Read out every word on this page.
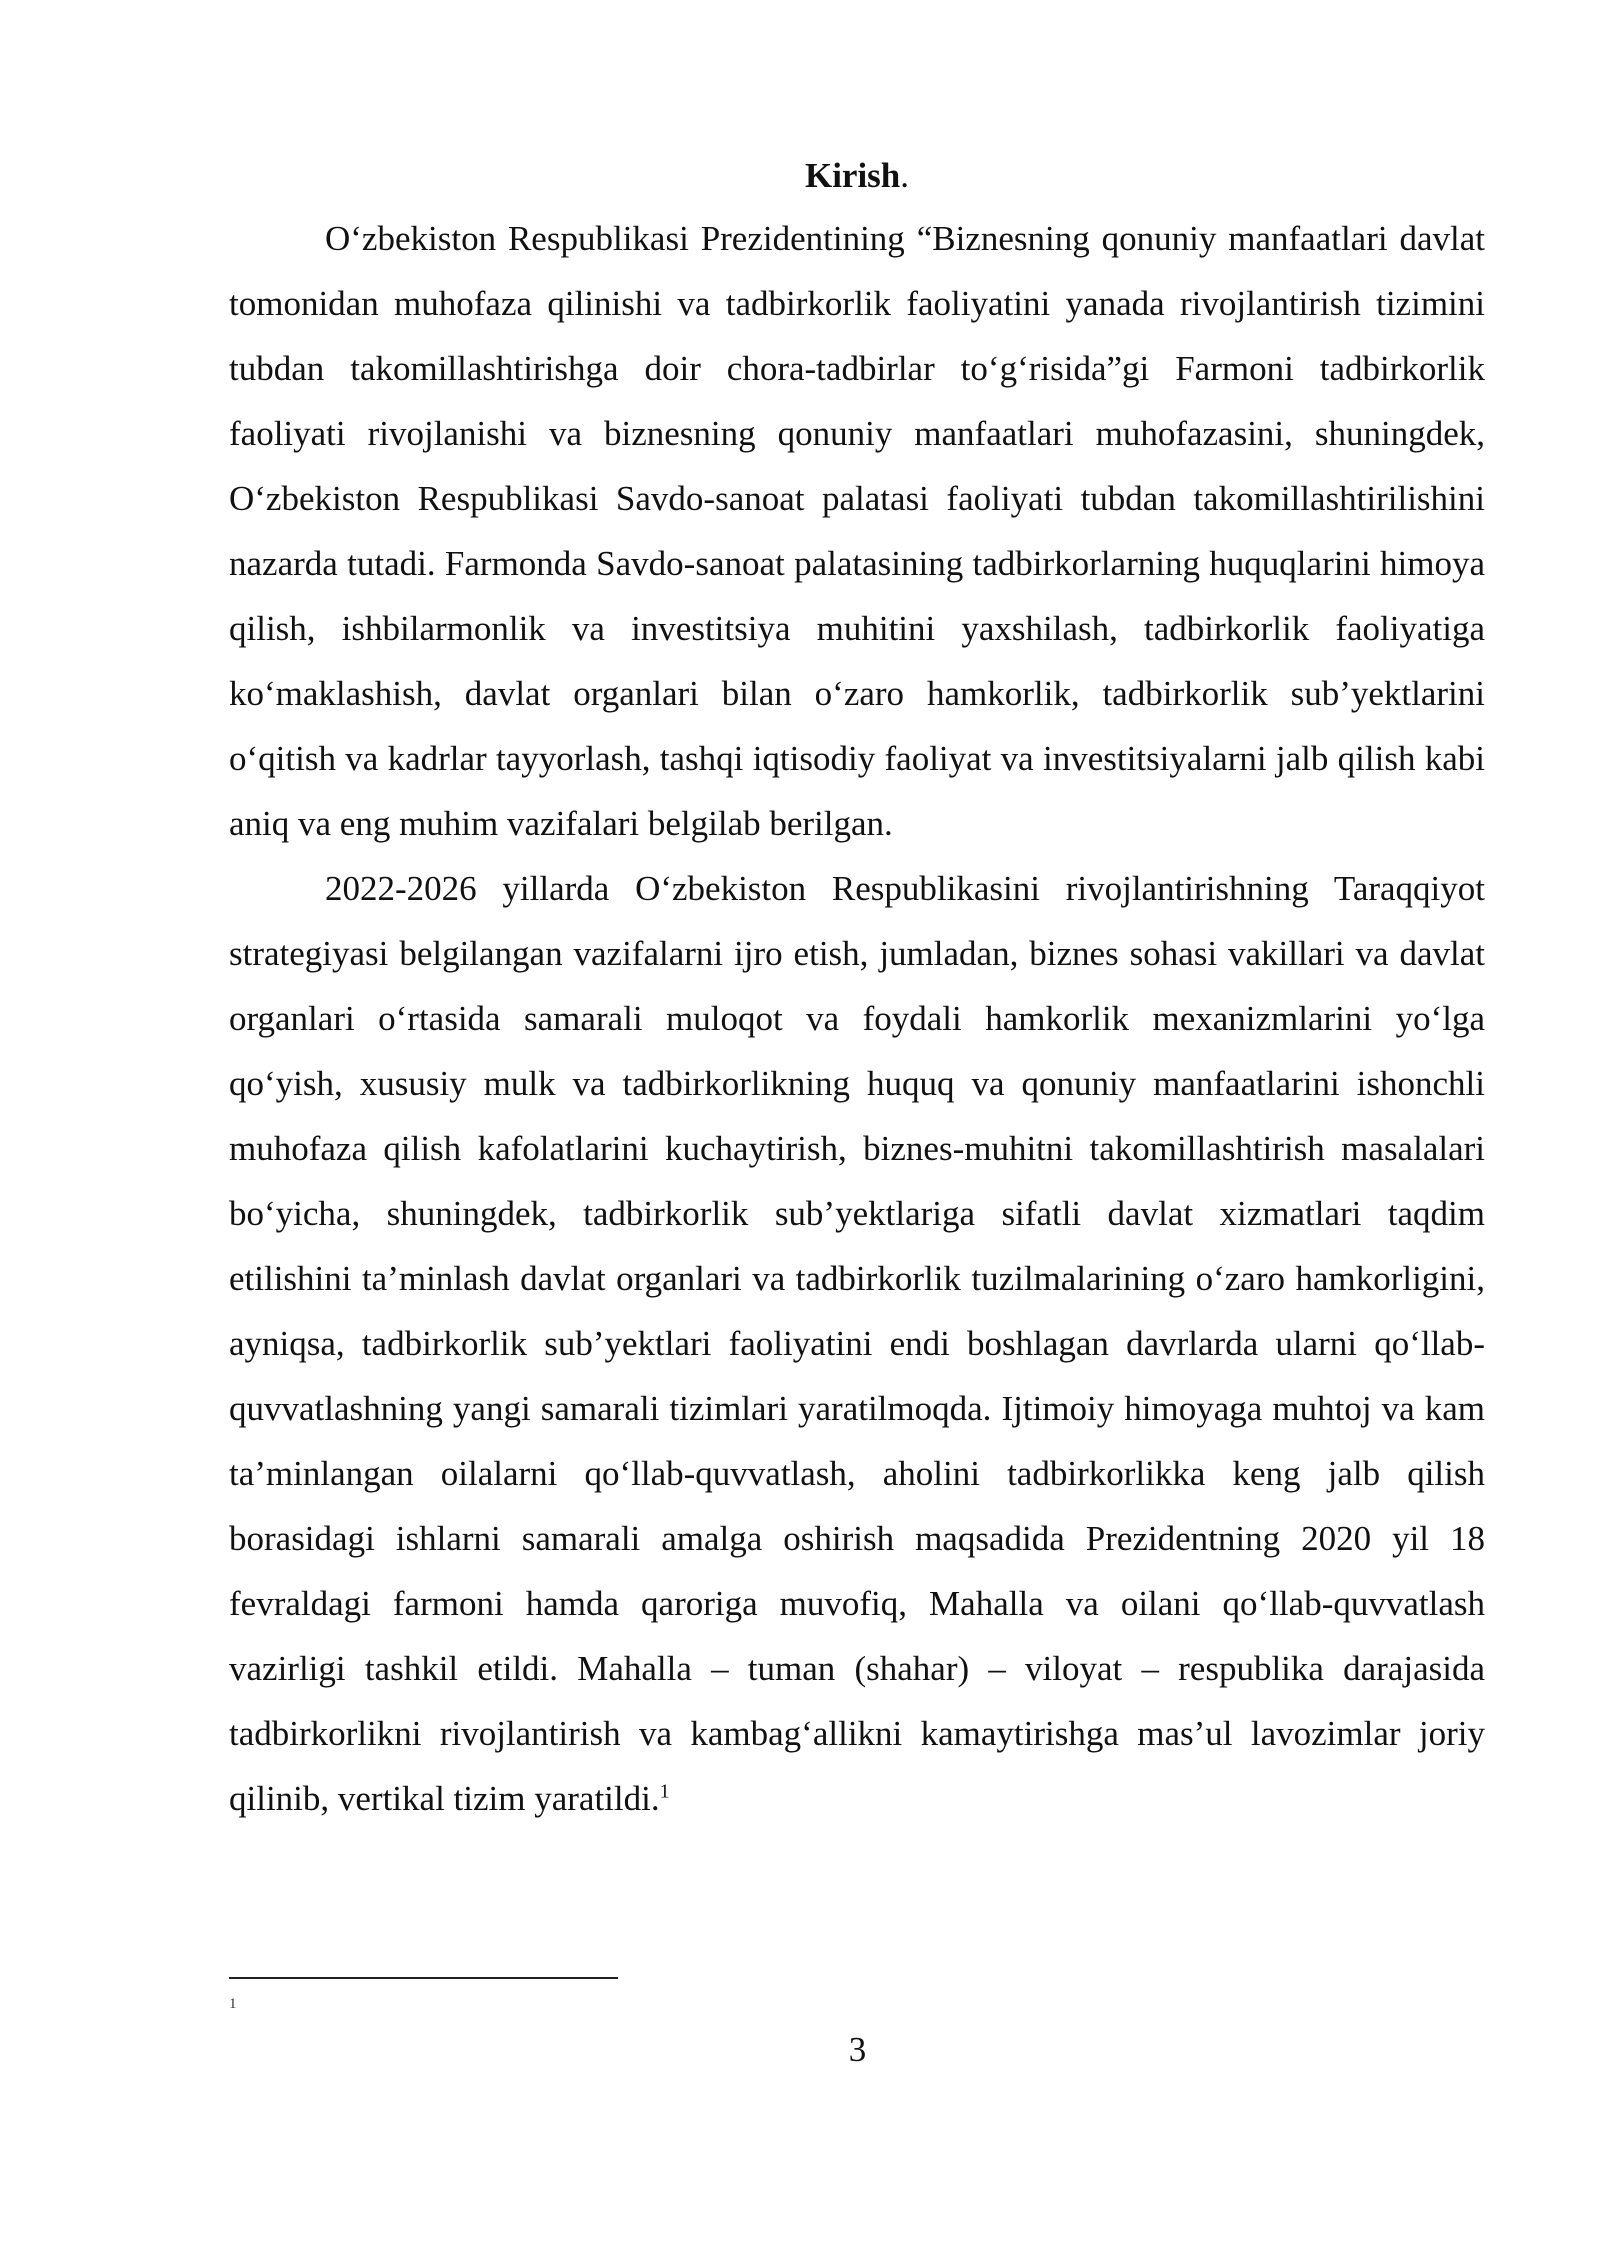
Kirish.

O‘zbekiston Respublikasi Prezidentining “Biznesning qonuniy manfaatlari davlat tomonidan muhofaza qilinishi va tadbirkorlik faoliyatini yanada rivojlantirish tizimini tubdan takomillashtirishga doir chora-tadbirlar to‘g‘risida”gi Farmoni tadbirkorlik faoliyati rivojlanishi va biznesning qonuniy manfaatlari muhofazasini, shuningdek, O‘zbekiston Respublikasi Savdo-sanoat palatasi faoliyati tubdan takomillashtirilishini nazarda tutadi. Farmonda Savdo-sanoat palatasining tadbirkorlarning huquqlarini himoya qilish, ishbilarmonlik va investitsiya muhitini yaxshilash, tadbirkorlik faoliyatiga ko‘maklashish, davlat organlari bilan o‘zaro hamkorlik, tadbirkorlik sub’yektlarini o‘qitish va kadrlar tayyorlash, tashqi iqtisodiy faoliyat va investitsiyalarni jalb qilish kabi aniq va eng muhim vazifalari belgilab berilgan.

2022-2026 yillarda O‘zbekiston Respublikasini rivojlantirishning Taraqqiyot strategiyasi belgilangan vazifalarni ijro etish, jumladan, biznes sohasi vakillari va davlat organlari o‘rtasida samarali muloqot va foydali hamkorlik mexanizmlarini yo‘lga qo‘yish, xususiy mulk va tadbirkorlikning huquq va qonuniy manfaatlarini ishonchli muhofaza qilish kafolatlarini kuchaytirish, biznes-muhitni takomillashtirish masalalari bo‘yicha, shuningdek, tadbirkorlik sub’yektlariga sifatli davlat xizmatlari taqdim etilishini ta’minlash davlat organlari va tadbirkorlik tuzilmalarining o‘zaro hamkorligini, ayniqsa, tadbirkorlik sub’yektlari faoliyatini endi boshlagan davrlarda ularni qo‘llab-quvvatlashning yangi samarali tizimlari yaratilmoqda. Ijtimoiy himoyaga muhtoj va kam ta’minlangan oilalarni qo‘llab-quvvatlash, aholini tadbirkorlikka keng jalb qilish borasidagi ishlarni samarali amalga oshirish maqsadida Prezidentning 2020 yil 18 fevraldagi farmoni hamda qaroriga muvofiq, Mahalla va oilani qo‘llab-quvvatlash vazirligi tashkil etildi. Mahalla – tuman (shahar) – viloyat – respublika darajasida tadbirkorlikni rivojlantirish va kambag‘allikni kamaytirishga mas’ul lavozimlar joriy qilinib, vertikal tizim yaratildi.$^1$

1
3
